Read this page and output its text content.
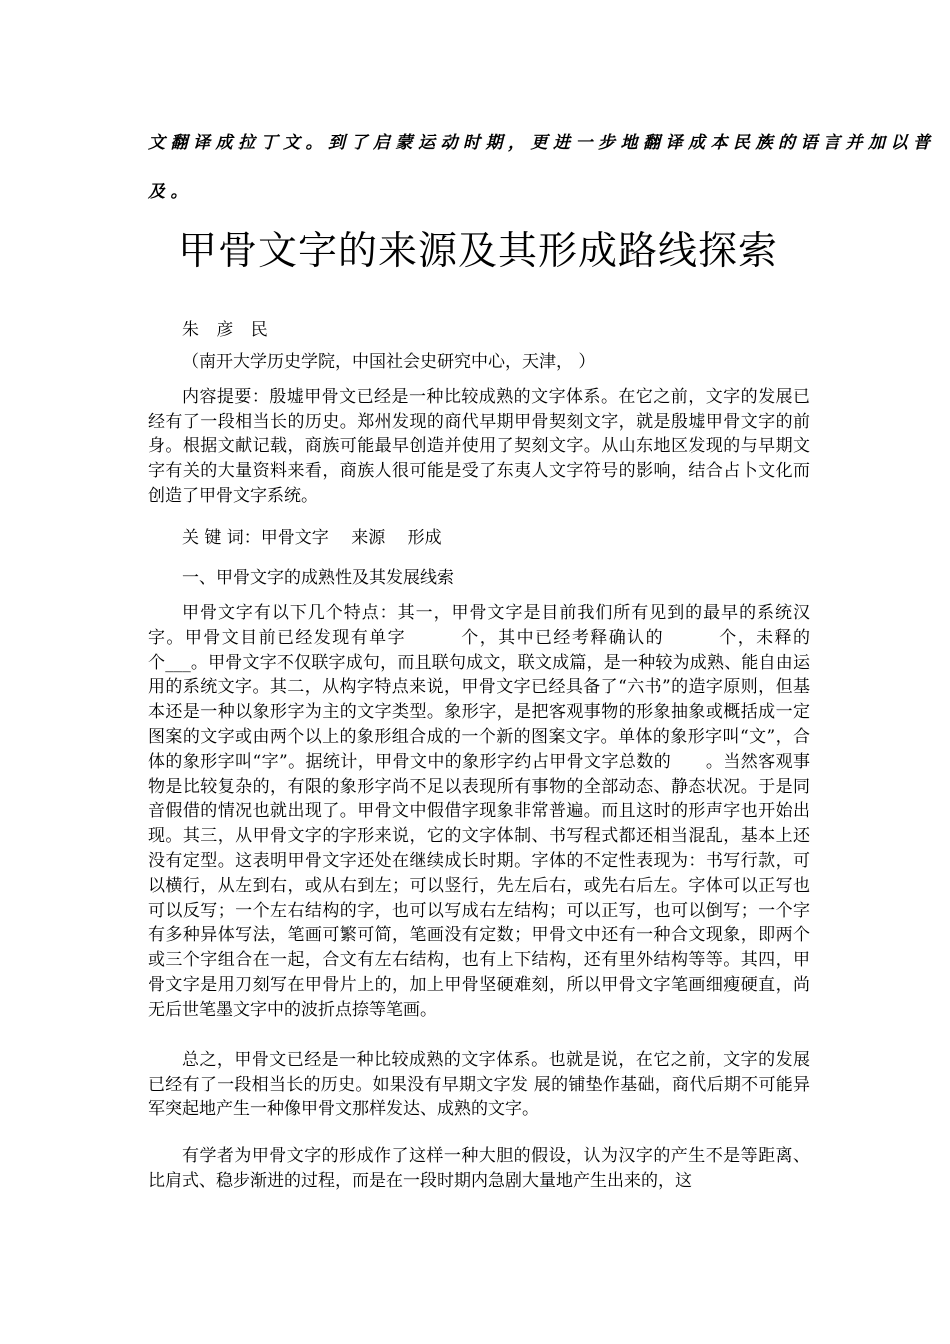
文翻译成拉丁文。到了启蒙运动时期，更进一步地翻译成本民族的语言并加以普
及。
甲骨文字的来源及其形成路线探索

朱 彦 民

（南开大学历史学院，中国社会史研究中心，天津， ）

内容提要：殷墟甲骨文已经是一种比较成熟的文字体系。在它之前，文字的发展已经有了一段相当长的历史。郑州发现的商代早期甲骨契刻文字，就是殷墟甲骨文字的前身。根据文献记载，商族可能最早创造并使用了契刻文字。从山东地区发现的与早期文字有关的大量资料来看，商族人很可能是受了东夷人文字符号的影响，结合占卜文化而创造了甲骨文字系统。

关 键 词：甲骨文字　 来源　 形成

一、甲骨文字的成熟性及其发展线索

甲骨文字有以下几个特点：其一，甲骨文字是目前我们所有见到的最早的系统汉字。甲骨文目前已经发现有单字　　　个，其中已经考释确认的　　　个，未释的　　　个___。甲骨文字不仅联字成句，而且联句成文，联文成篇，是一种较为成熟、能自由运用的系统文字。其二，从构字特点来说，甲骨文字已经具备了“六书”的造字原则，但基本还是一种以象形字为主的文字类型。象形字，是把客观事物的形象抽象或概括成一定图案的文字或由两个以上的象形组合成的一个新的图案文字。单体的象形字叫“文”，合体的象形字叫“字”。据统计，甲骨文中的象形字约占甲骨文字总数的　　。当然客观事物是比较复杂的，有限的象形字尚不足以表现所有事物的全部动态、静态状况。于是同音假借的情况也就出现了。甲骨文中假借字现象非常普遍。而且这时的形声字也开始出现。其三，从甲骨文字的字形来说，它的文字体制、书写程式都还相当混乱，基本上还没有定型。这表明甲骨文字还处在继续成长时期。字体的不定性表现为：书写行款，可以横行，从左到右，或从右到左；可以竖行，先左后右，或先右后左。字体可以正写也可以反写；一个左右结构的字，也可以写成右左结构；可以正写，也可以倒写；一个字有多种异体写法，笔画可繁可简，笔画没有定数；甲骨文中还有一种合文现象，即两个或三个字组合在一起，合文有左右结构，也有上下结构，还有里外结构等等。其四，甲骨文字是用刀刻写在甲骨片上的，加上甲骨坚硬难刻，所以甲骨文字笔画细瘦硬直，尚无后世笔墨文字中的波折点捺等笔画。

总之，甲骨文已经是一种比较成熟的文字体系。也就是说，在它之前，文字的发展已经有了一段相当长的历史。如果没有早期文字发 展的铺垫作基础，商代后期不可能异军突起地产生一种像甲骨文那样发达、成熟的文字。

有学者为甲骨文字的形成作了这样一种大胆的假设，认为汉字的产生不是等距离、比肩式、稳步渐进的过程，而是在一段时期内急剧大量地产生出来的，这
